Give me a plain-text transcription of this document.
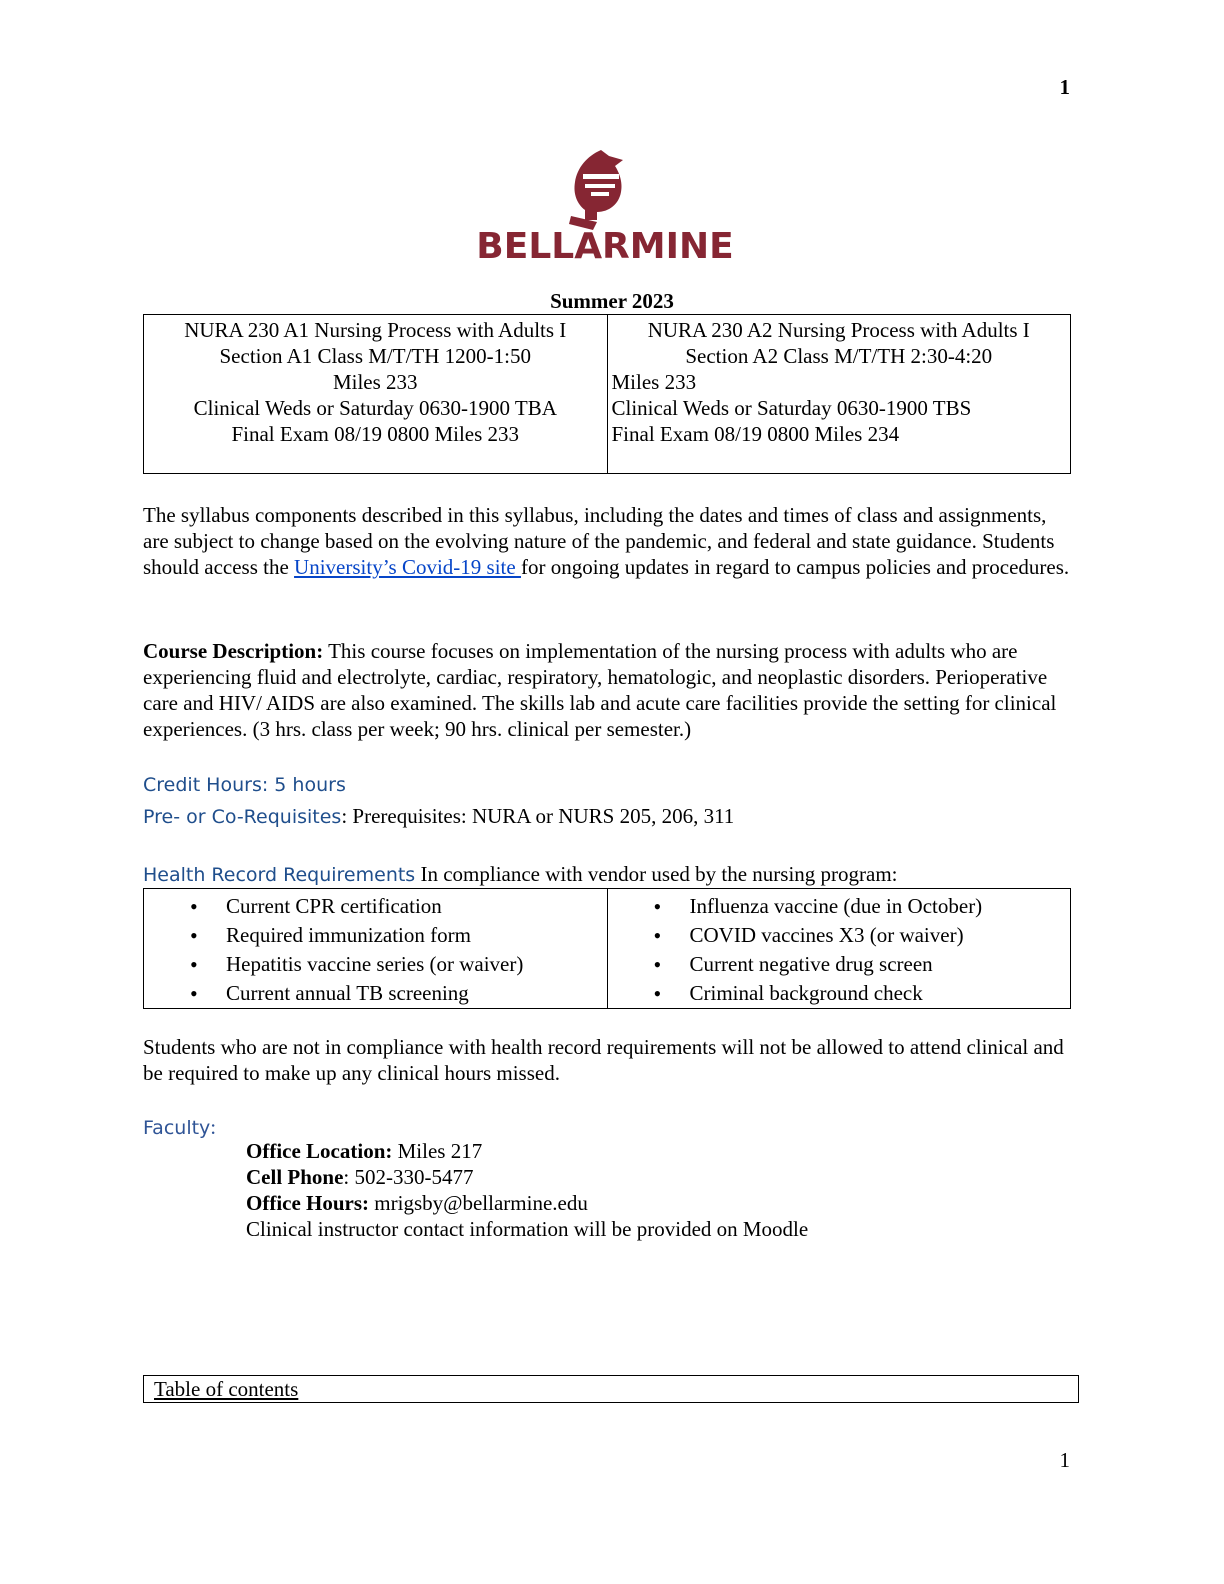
1
BELLARMINE
Summer 2023
NURA 230 A1 Nursing Process with Adults I
Section A1 Class M/T/TH 1200-1:50
Miles 233
Clinical Weds or Saturday 0630-1900 TBA
Final Exam 08/19 0800 Miles 233

NURA 230 A2 Nursing Process with Adults I
Section A2 Class M/T/TH 2:30-4:20
Miles 233
Clinical Weds or Saturday 0630-1900 TBS
Final Exam 08/19 0800 Miles 234
The syllabus components described in this syllabus, including the dates and times of class and assignments, are subject to change based on the evolving nature of the pandemic, and federal and state guidance. Students should access the University’s Covid-19 site for ongoing updates in regard to campus policies and procedures.
Course Description: This course focuses on implementation of the nursing process with adults who are experiencing fluid and electrolyte, cardiac, respiratory, hematologic, and neoplastic disorders. Perioperative care and HIV/ AIDS are also examined. The skills lab and acute care facilities provide the setting for clinical experiences. (3 hrs. class per week; 90 hrs. clinical per semester.)
Credit Hours: 5 hours
Pre- or Co-Requisites: Prerequisites: NURA or NURS 205, 206, 311
Health Record Requirements In compliance with vendor used by the nursing program:
• Current CPR certification
• Required immunization form
• Hepatitis vaccine series (or waiver)
• Current annual TB screening

• Influenza vaccine (due in October)
• COVID vaccines X3 (or waiver)
• Current negative drug screen
• Criminal background check
Students who are not in compliance with health record requirements will not be allowed to attend clinical and be required to make up any clinical hours missed.
Faculty:
Office Location: Miles 217
Cell Phone: 502-330-5477
Office Hours: mrigsby@bellarmine.edu
Clinical instructor contact information will be provided on Moodle
Table of contents
1
